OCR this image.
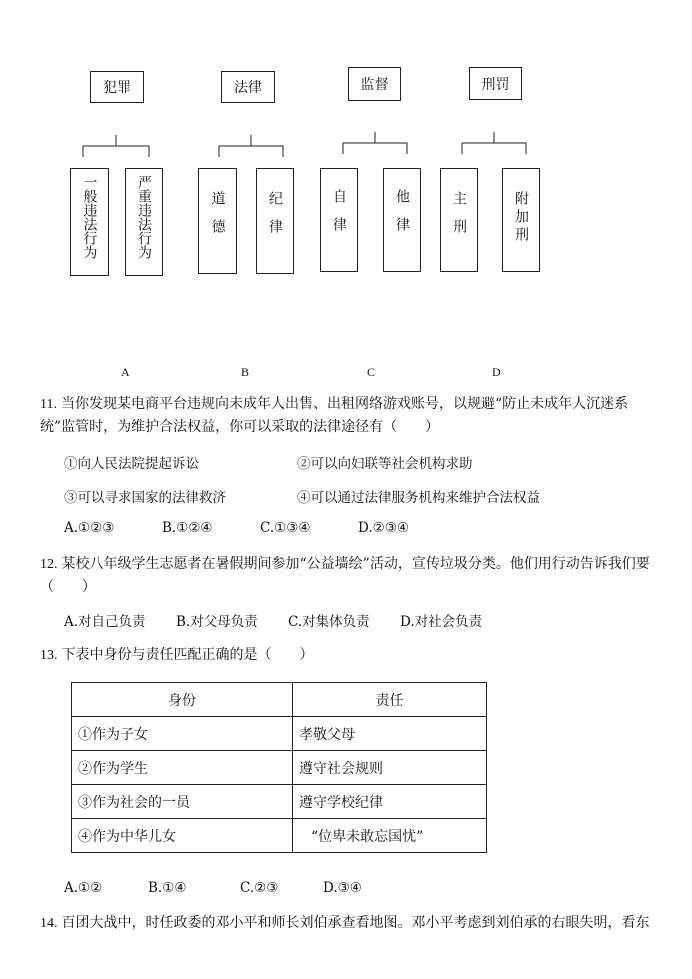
犯罪
一般违法行为	严重违法行为
法律
道德	纪律
监督
自律	他律
刑罚
主刑	附加刑
A	B	C	D
11. 当你发现某电商平台违规向未成年人出售、出租网络游戏账号，以规避“防止未成年人沉迷系统”监管时，为维护合法权益，你可以采取的法律途径有（　　）
①向人民法院提起诉讼	②可以向妇联等社会机构求助
③可以寻求国家的法律救济	④可以通过法律服务机构来维护合法权益
A.①②③	B.①②④	C.①③④	D.②③④
12. 某校八年级学生志愿者在暑假期间参加“公益墙绘”活动，宣传垃圾分类。他们用行动告诉我们要（　　）
A.对自己负责 B.对父母负责 C.对集体负责 D.对社会负责
13. 下表中身份与责任匹配正确的是（　　）
身份	责任
①作为子女	孝敬父母
②作为学生	遵守社会规则
③作为社会的一员	遵守学校纪律
④作为中华儿女	“位卑未敢忘国忧”
A.①②	B.①④	C.②③	D.③④
14. 百团大战中，时任政委的邓小平和师长刘伯承查看地图。邓小平考虑到刘伯承的右眼失明，看东
